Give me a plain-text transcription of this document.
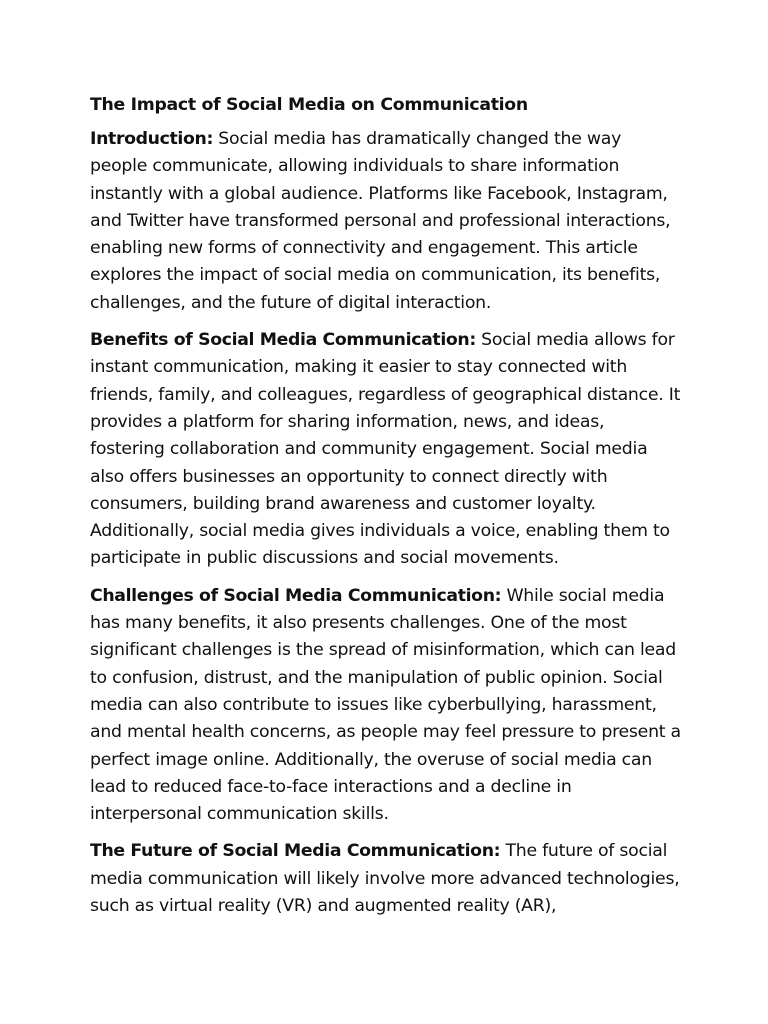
The Impact of Social Media on Communication

Introduction: Social media has dramatically changed the way people communicate, allowing individuals to share information instantly with a global audience. Platforms like Facebook, Instagram, and Twitter have transformed personal and professional interactions, enabling new forms of connectivity and engagement. This article explores the impact of social media on communication, its benefits, challenges, and the future of digital interaction.

Benefits of Social Media Communication: Social media allows for instant communication, making it easier to stay connected with friends, family, and colleagues, regardless of geographical distance. It provides a platform for sharing information, news, and ideas, fostering collaboration and community engagement. Social media also offers businesses an opportunity to connect directly with consumers, building brand awareness and customer loyalty. Additionally, social media gives individuals a voice, enabling them to participate in public discussions and social movements.

Challenges of Social Media Communication: While social media has many benefits, it also presents challenges. One of the most significant challenges is the spread of misinformation, which can lead to confusion, distrust, and the manipulation of public opinion. Social media can also contribute to issues like cyberbullying, harassment, and mental health concerns, as people may feel pressure to present a perfect image online. Additionally, the overuse of social media can lead to reduced face-to-face interactions and a decline in interpersonal communication skills.

The Future of Social Media Communication: The future of social media communication will likely involve more advanced technologies, such as virtual reality (VR) and augmented reality (AR),
